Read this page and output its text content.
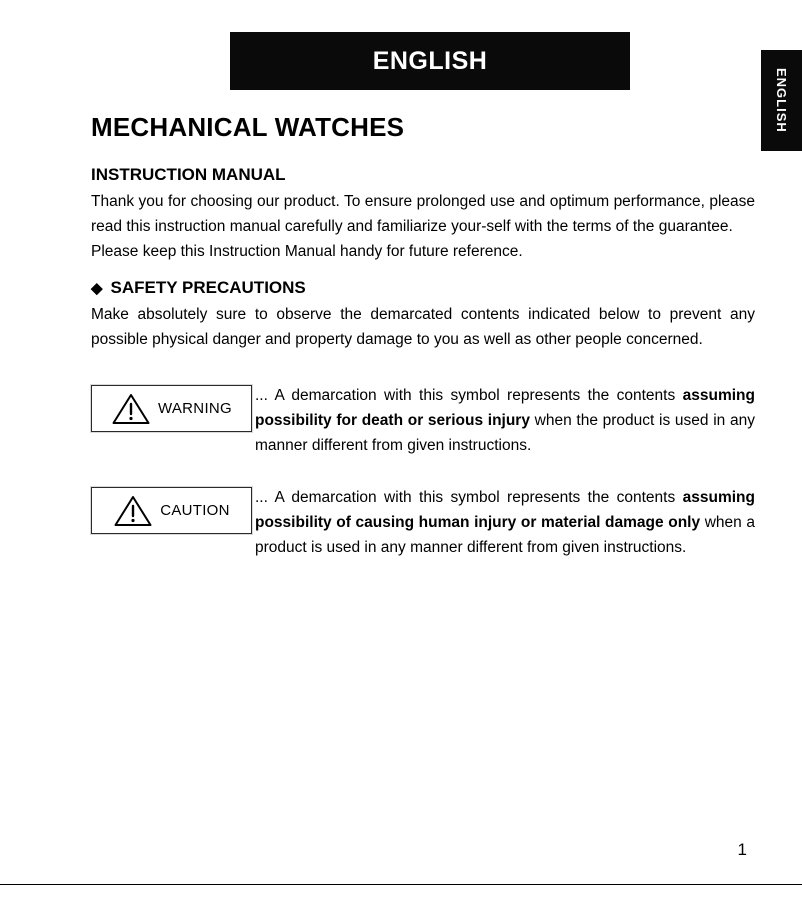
ENGLISH
ENGLISH
MECHANICAL WATCHES
INSTRUCTION MANUAL

Thank you for choosing our product. To ensure prolonged use and optimum performance, please read this instruction manual carefully and familiarize your-self with the terms of the guarantee.

Please keep this Instruction Manual handy for future reference.

◆ SAFETY PRECAUTIONS

Make absolutely sure to observe the demarcated contents indicated below to prevent any possible physical danger and property damage to you as well as other people concerned.

WARNING

... A demarcation with this symbol represents the contents assuming possibility for death or serious injury when the product is used in any manner different from given instructions.

CAUTION

... A demarcation with this symbol represents the contents assuming possibility of causing human injury or material damage only when a product is used in any manner different from given instructions.

1
